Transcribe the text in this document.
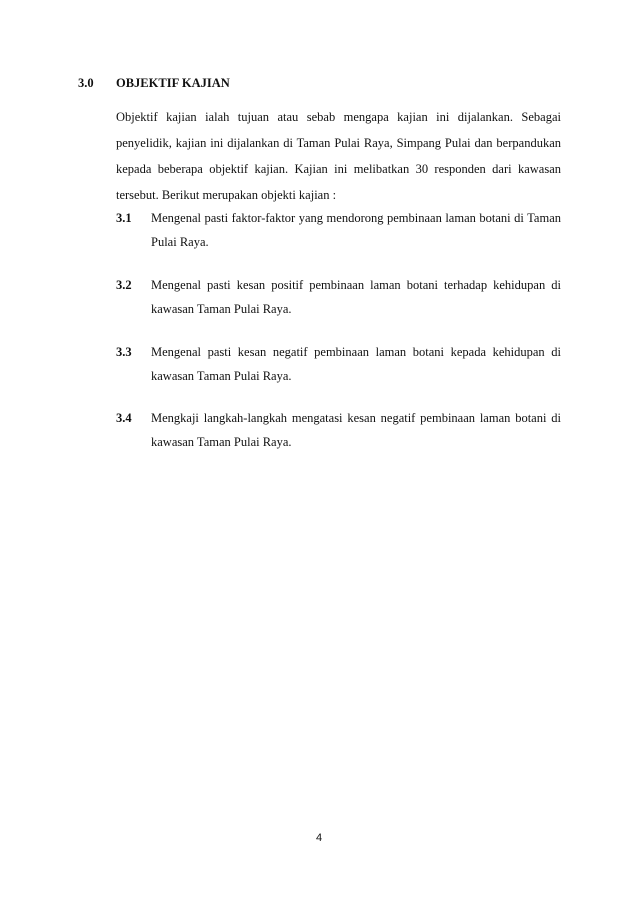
3.0	OBJEKTIF KAJIAN

Objektif kajian ialah tujuan atau sebab mengapa kajian ini dijalankan. Sebagai penyelidik, kajian ini dijalankan di Taman Pulai Raya, Simpang Pulai dan berpandukan kepada beberapa objektif kajian. Kajian ini melibatkan 30 responden dari kawasan tersebut. Berikut merupakan objekti kajian :

3.1	Mengenal pasti faktor-faktor yang mendorong pembinaan laman botani di Taman Pulai Raya.

3.2	Mengenal pasti kesan positif pembinaan laman botani terhadap kehidupan di kawasan Taman Pulai Raya.

3.3	Mengenal pasti kesan negatif pembinaan laman botani kepada kehidupan di kawasan Taman Pulai Raya.

3.4	Mengkaji langkah-langkah mengatasi kesan negatif pembinaan laman botani di kawasan Taman Pulai Raya.

4
